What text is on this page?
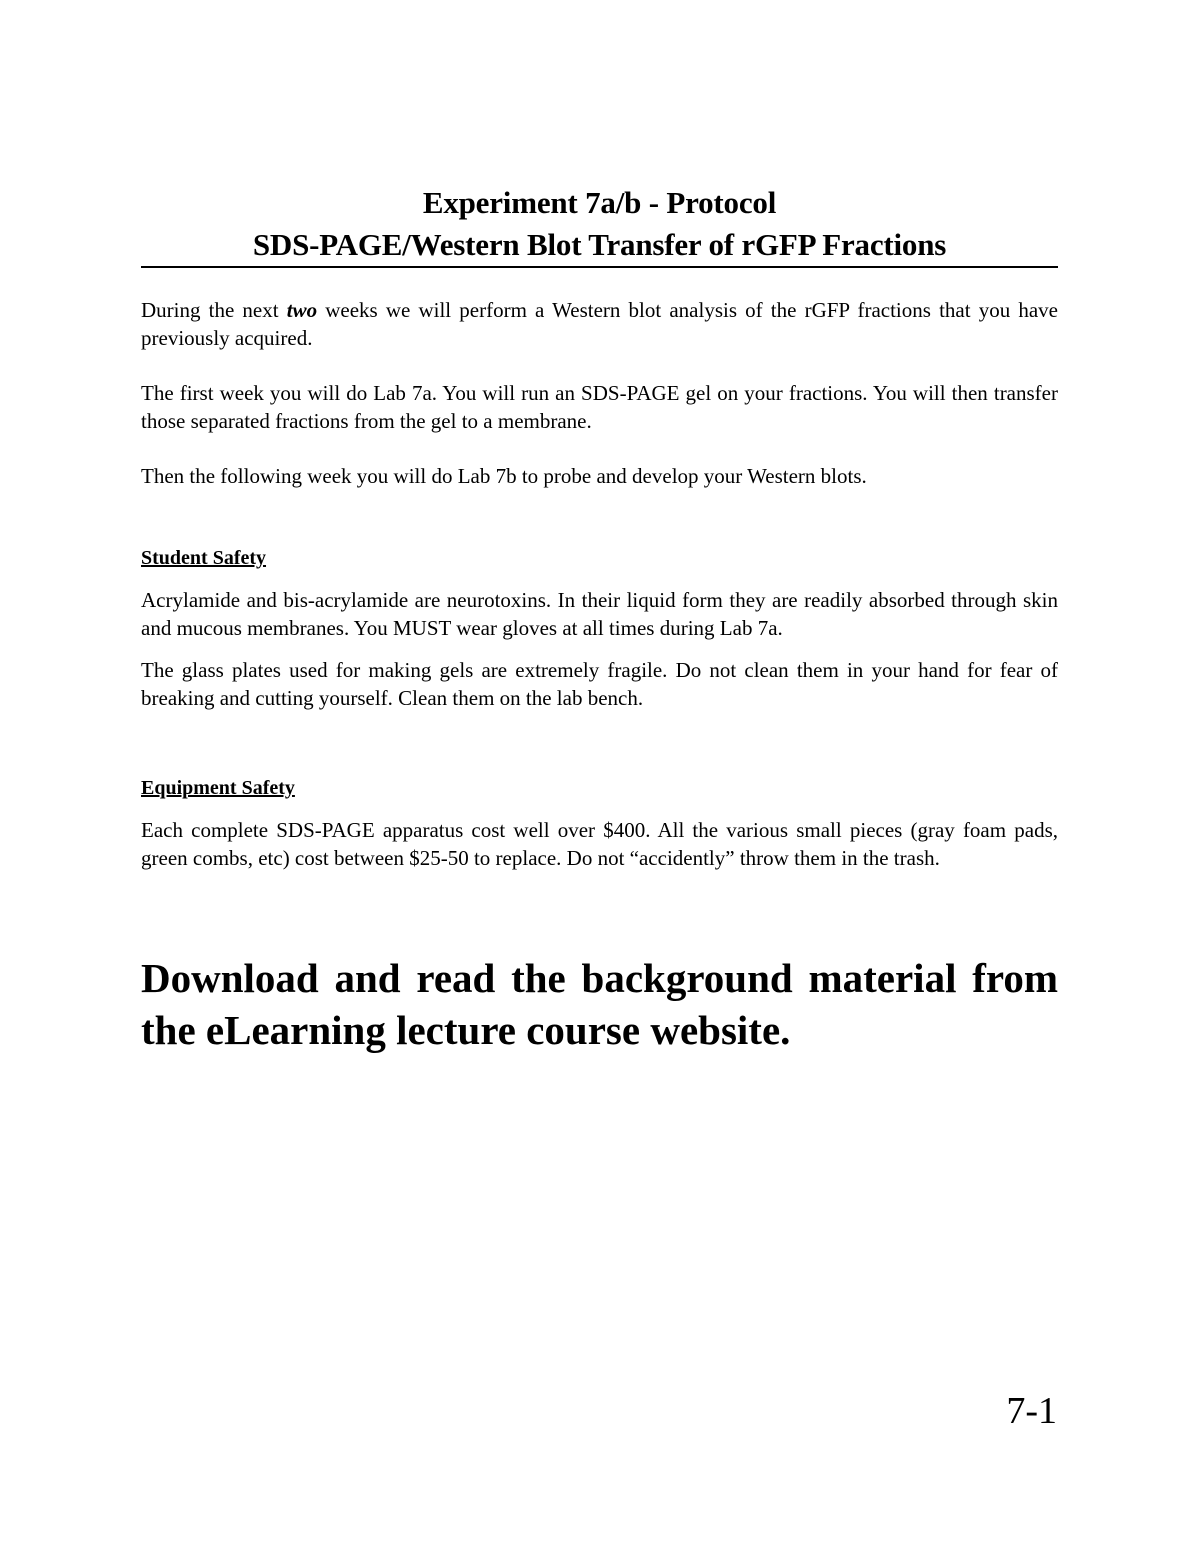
Experiment 7a/b - Protocol
SDS-PAGE/Western Blot Transfer of rGFP Fractions

During the next two weeks we will perform a Western blot analysis of the rGFP fractions that you have previously acquired.

The first week you will do Lab 7a. You will run an SDS-PAGE gel on your fractions. You will then transfer those separated fractions from the gel to a membrane.

Then the following week you will do Lab 7b to probe and develop your Western blots.

Student Safety

Acrylamide and bis-acrylamide are neurotoxins. In their liquid form they are readily absorbed through skin and mucous membranes. You MUST wear gloves at all times during Lab 7a.

The glass plates used for making gels are extremely fragile. Do not clean them in your hand for fear of breaking and cutting yourself. Clean them on the lab bench.

Equipment Safety

Each complete SDS-PAGE apparatus cost well over $400. All the various small pieces (gray foam pads, green combs, etc) cost between $25-50 to replace. Do not “accidently” throw them in the trash.

Download and read the background material from the eLearning lecture course website.

7-1
